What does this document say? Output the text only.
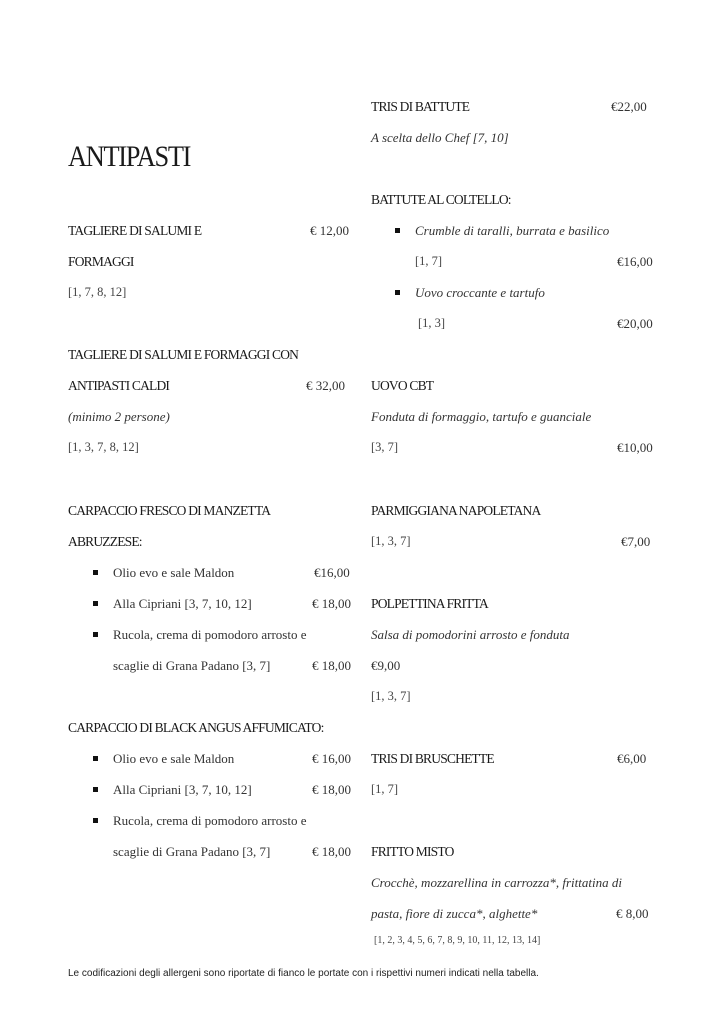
ANTIPASTI
TAGLIERE DI SALUMI E	€ 12,00
FORMAGGI
[1, 7, 8, 12]
TAGLIERE DI SALUMI E FORMAGGI CON
ANTIPASTI CALDI	€ 32,00
(minimo 2 persone)
[1, 3, 7, 8, 12]
CARPACCIO FRESCO DI MANZETTA
ABRUZZESE:
Olio evo e sale Maldon	€16,00
Alla Cipriani [3, 7, 10, 12]	€ 18,00
Rucola, crema di pomodoro arrosto e
scaglie di Grana Padano [3, 7]	€ 18,00
CARPACCIO DI BLACK ANGUS AFFUMICATO:
Olio evo e sale Maldon	€ 16,00
Alla Cipriani [3, 7, 10, 12]	€ 18,00
Rucola, crema di pomodoro arrosto e
scaglie di Grana Padano [3, 7]	€ 18,00
TRIS DI BATTUTE	€22,00
A scelta dello Chef [7, 10]
BATTUTE AL COLTELLO:
Crumble di taralli, burrata e basilico
[1, 7]	€16,00
Uovo croccante e tartufo
[1, 3]	€20,00
UOVO CBT
Fonduta di formaggio, tartufo e guanciale
[3, 7]	€10,00
PARMIGGIANA NAPOLETANA
[1, 3, 7]	€7,00
POLPETTINA FRITTA
Salsa di pomodorini arrosto e fonduta
€9,00
[1, 3, 7]
TRIS DI BRUSCHETTE	€6,00
[1, 7]
FRITTO MISTO
Crocchè, mozzarellina in carrozza*, frittatina di
pasta, fiore di zucca*, alghette*	€ 8,00
[1, 2, 3, 4, 5, 6, 7, 8, 9, 10, 11, 12, 13, 14]
Le codificazioni degli allergeni sono riportate di fianco le portate con i rispettivi numeri indicati nella tabella.
